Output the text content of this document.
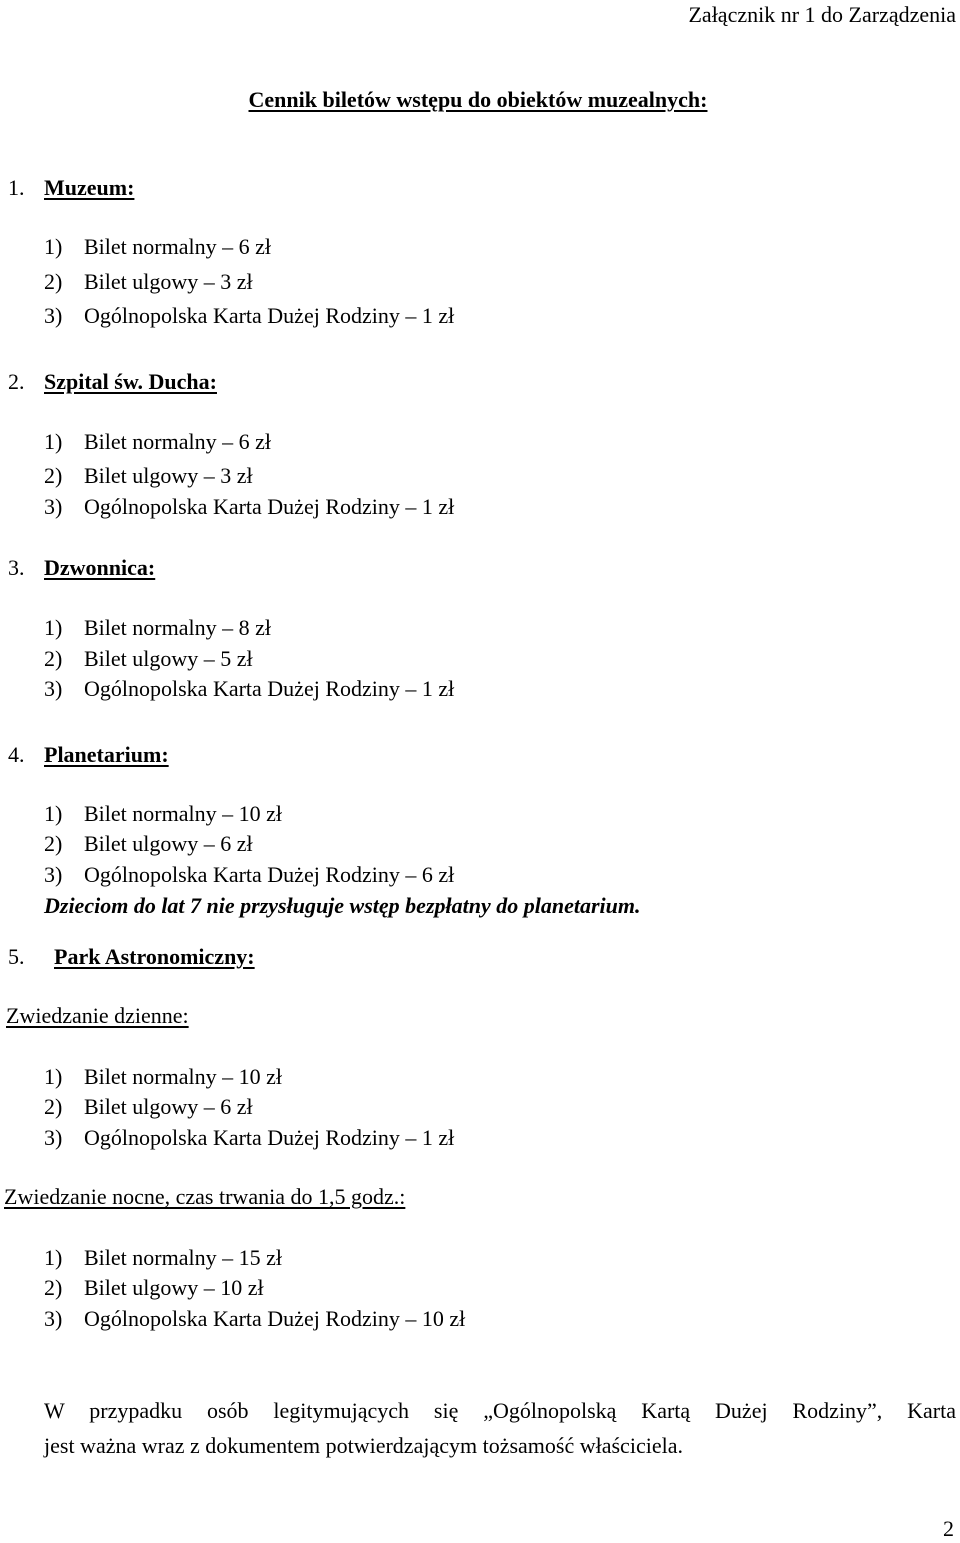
Załącznik nr 1 do Zarządzenia
Cennik biletów wstępu do obiektów muzealnych:
1. Muzeum:
1) Bilet normalny – 6 zł
2) Bilet ulgowy – 3 zł
3) Ogólnopolska Karta Dużej Rodziny – 1 zł
2. Szpital św. Ducha:
1) Bilet normalny – 6 zł
2) Bilet ulgowy – 3 zł
3) Ogólnopolska Karta Dużej Rodziny – 1 zł
3. Dzwonnica:
1) Bilet normalny – 8 zł
2) Bilet ulgowy – 5 zł
3) Ogólnopolska Karta Dużej Rodziny – 1 zł
4. Planetarium:
1) Bilet normalny – 10 zł
2) Bilet ulgowy – 6 zł
3) Ogólnopolska Karta Dużej Rodziny – 6 zł
Dzieciom do lat 7 nie przysługuje wstęp bezpłatny do planetarium.
5. Park Astronomiczny:
Zwiedzanie dzienne:
1) Bilet normalny – 10 zł
2) Bilet ulgowy – 6 zł
3) Ogólnopolska Karta Dużej Rodziny – 1 zł
Zwiedzanie nocne, czas trwania do 1,5 godz.:
1) Bilet normalny – 15 zł
2) Bilet ulgowy – 10 zł
3) Ogólnopolska Karta Dużej Rodziny – 10 zł
W przypadku osób legitymujących się „Ogólnopolską Kartą Dużej Rodziny”, Karta
jest ważna wraz z dokumentem potwierdzającym tożsamość właściciela.
2
